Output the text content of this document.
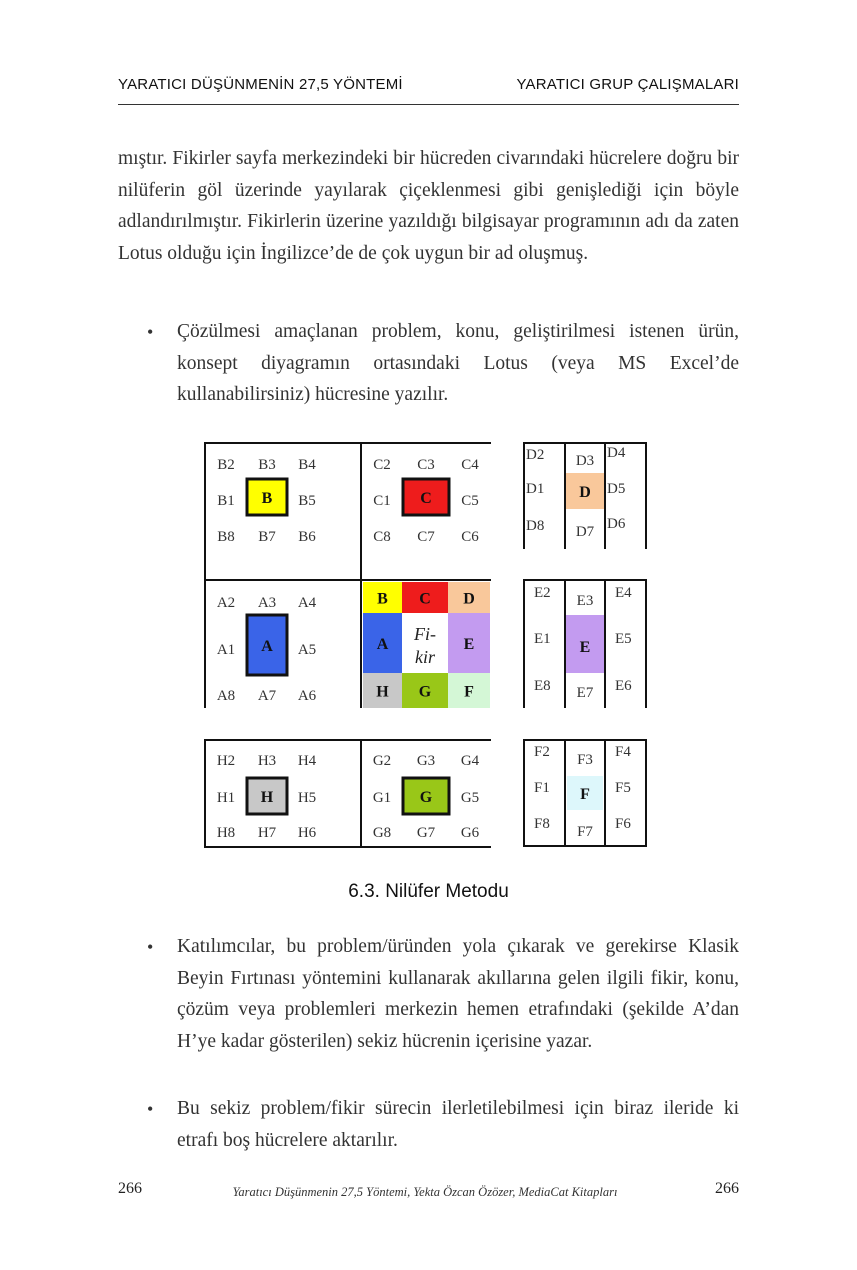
YARATICI DÜŞÜNMENİN 27,5 YÖNTEMİ	YARATICI GRUP ÇALIŞMALARI

mıştır. Fikirler sayfa merkezindeki bir hücreden civarındaki hücrelere doğru bir nilüferin göl üzerinde yayılarak çiçeklenmesi gibi genişlediği için böyle adlandırılmıştır. Fikirlerin üzerine yazıldığı bilgisayar programının adı da zaten Lotus olduğu için İngilizce’de de çok uygun bir ad oluşmuş.

• Çözülmesi amaçlanan problem, konu, geliştirilmesi istenen ürün, konsept diyagramın ortasındaki Lotus (veya MS Excel’de kullanabilirsiniz) hücresine yazılır.

B2 B3 B4
B1 B B5
B8 B7 B6
C2 C3 C4
C1 C C5
C8 C7 C6
A2 A3 A4
A1 A A5
A8 A7 A6
H2 H3 H4
H1 H H5
H8 H7 H6
G2 G3 G4
G1 G G5
G8 G7 G6
B C D
A
Fi-
kir
E
H G F
D2 D3 D4
D1 D D5
D8 D7 D6
E
E2 E3 E4
E1	E5
E8 E7 E6
F
F2 F3 F4
F1	F5
F8 F7 F6
6.3. Nilüfer Metodu
• Katılımcılar, bu problem/üründen yola çıkarak ve gerekirse Klasik Beyin Fırtınası yöntemini kullanarak akıllarına gelen ilgili fikir, konu, çözüm veya problemleri merkezin hemen etrafındaki (şekilde A’dan H’ye kadar gösterilen) sekiz hücrenin içerisine yazar.

• Bu sekiz problem/fikir sürecin ilerletilebilmesi için biraz ileride ki etrafı boş hücrelere aktarılır.

266	Yaratıcı Düşünmenin 27,5 Yöntemi, Yekta Özcan Özözer, MediaCat Kitapları	266
